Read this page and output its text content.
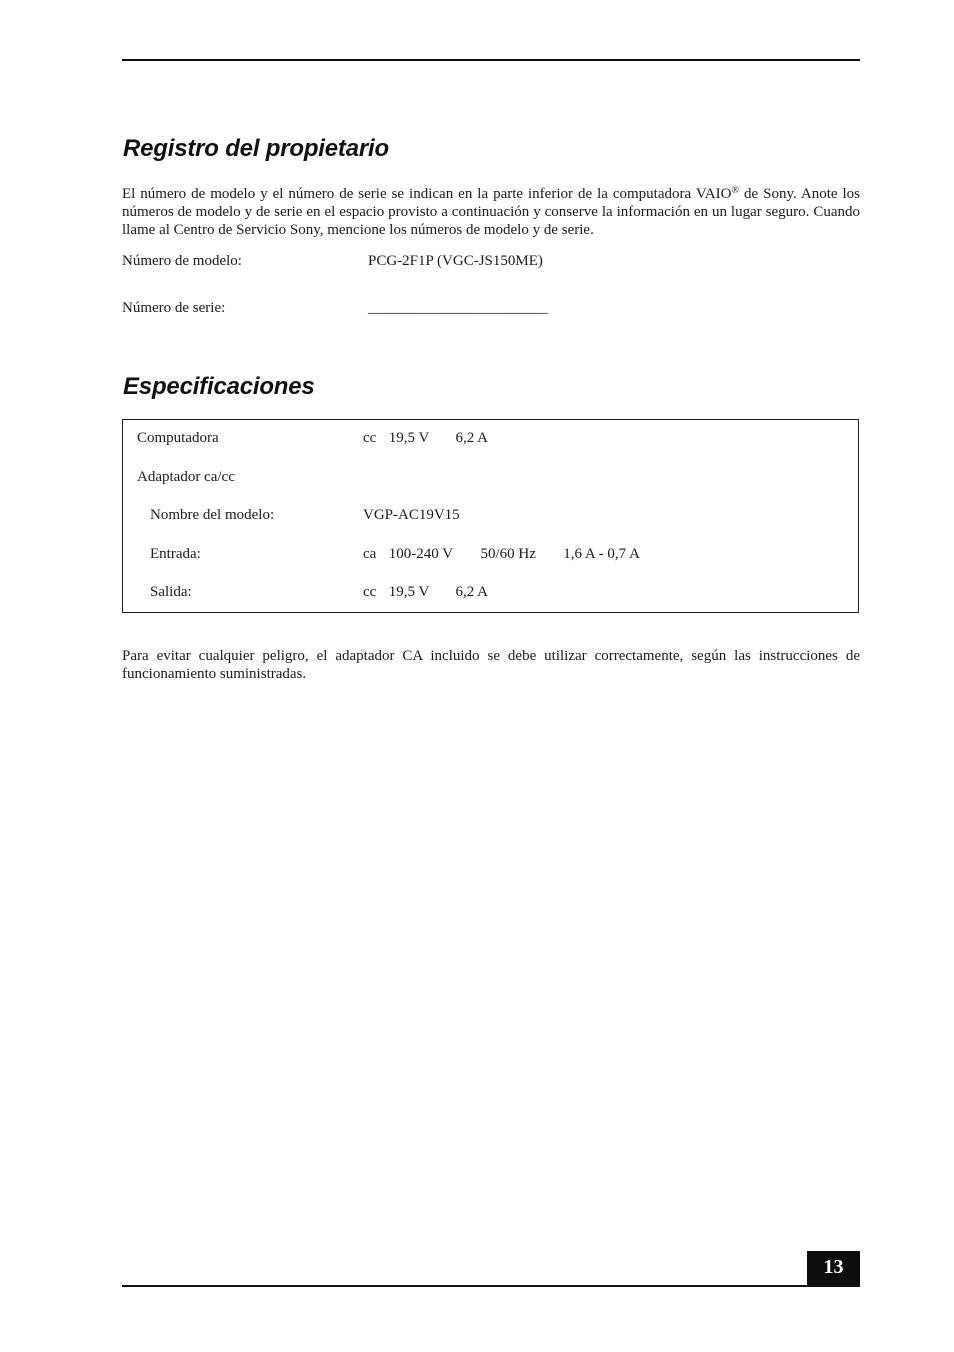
Registro del propietario

El número de modelo y el número de serie se indican en la parte inferior de la computadora VAIO® de Sony. Anote los números de modelo y de serie en el espacio provisto a continuación y conserve la información en un lugar seguro. Cuando llame al Centro de Servicio Sony, mencione los números de modelo y de serie.

Número de modelo:	PCG-2F1P (VGC-JS150ME)
Número de serie:	________________________
Especificaciones
Computadora	cc 19,5 V 6,2 A
Adaptador ca/cc
Nombre del modelo:	VGP-AC19V15
Entrada:	ca 100-240 V 50/60 Hz 1,6 A - 0,7 A
Salida:	cc 19,5 V 6,2 A

Para evitar cualquier peligro, el adaptador CA incluido se debe utilizar correctamente, según las instrucciones de funcionamiento suministradas.

13
